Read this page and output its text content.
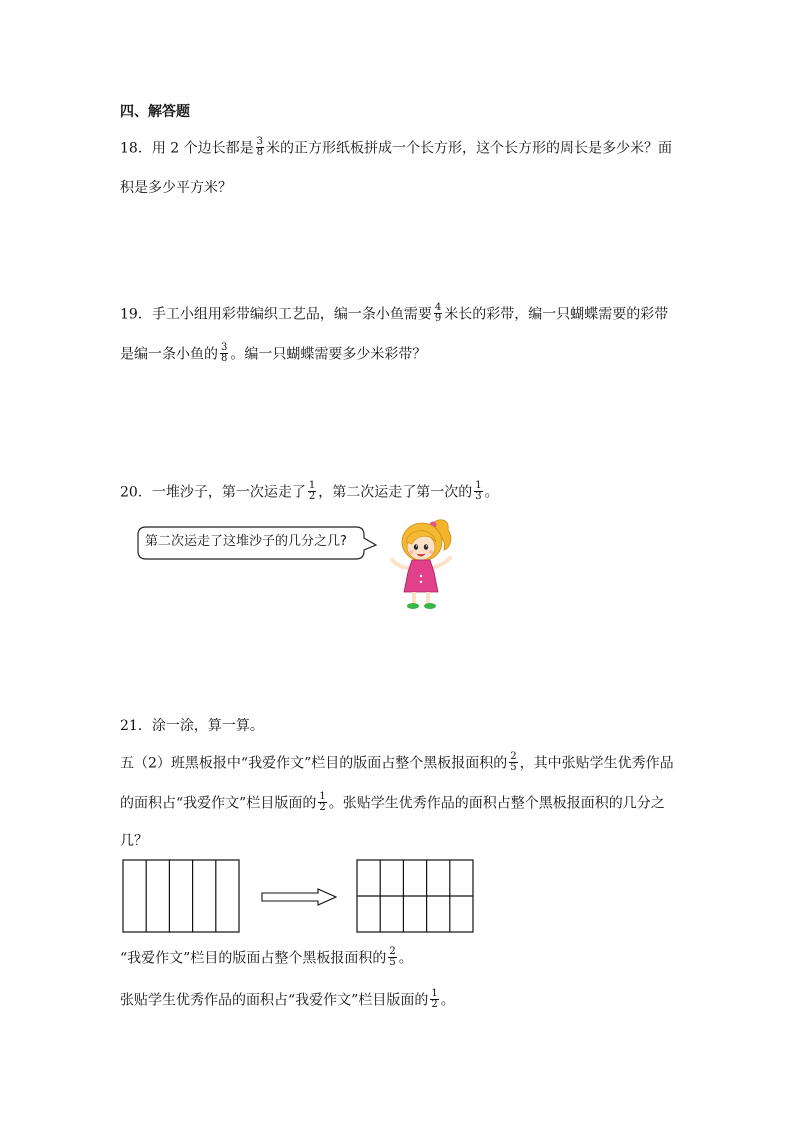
四、解答题
18．用 2 个边长都是 $\frac{3}{8}$ 米的正方形纸板拼成一个长方形，这个长方形的周长是多少米？面
积是多少平方米？
19．手工小组用彩带编织工艺品，编一条小鱼需要 $\frac{4}{9}$ 米长的彩带，编一只蝴蝶需要的彩带
是编一条小鱼的 $\frac{3}{8}$ 。编一只蝴蝶需要多少米彩带？
20．一堆沙子，第一次运走了 $\frac{1}{2}$ ，第二次运走了第一次的 $\frac{1}{3}$ 。
第二次运走了这堆沙子的几分之几?
21．涂一涂，算一算。
五（2）班黑板报中“我爱作文”栏目的版面占整个黑板报面积的 $\frac{2}{5}$ ，其中张贴学生优秀作品
的面积占“我爱作文”栏目版面的 $\frac{1}{2}$ 。张贴学生优秀作品的面积占整个黑板报面积的几分之
几？
“我爱作文”栏目的版面占整个黑板报面积的 $\frac{2}{5}$ 。
张贴学生优秀作品的面积占“我爱作文”栏目版面的 $\frac{1}{2}$ 。
